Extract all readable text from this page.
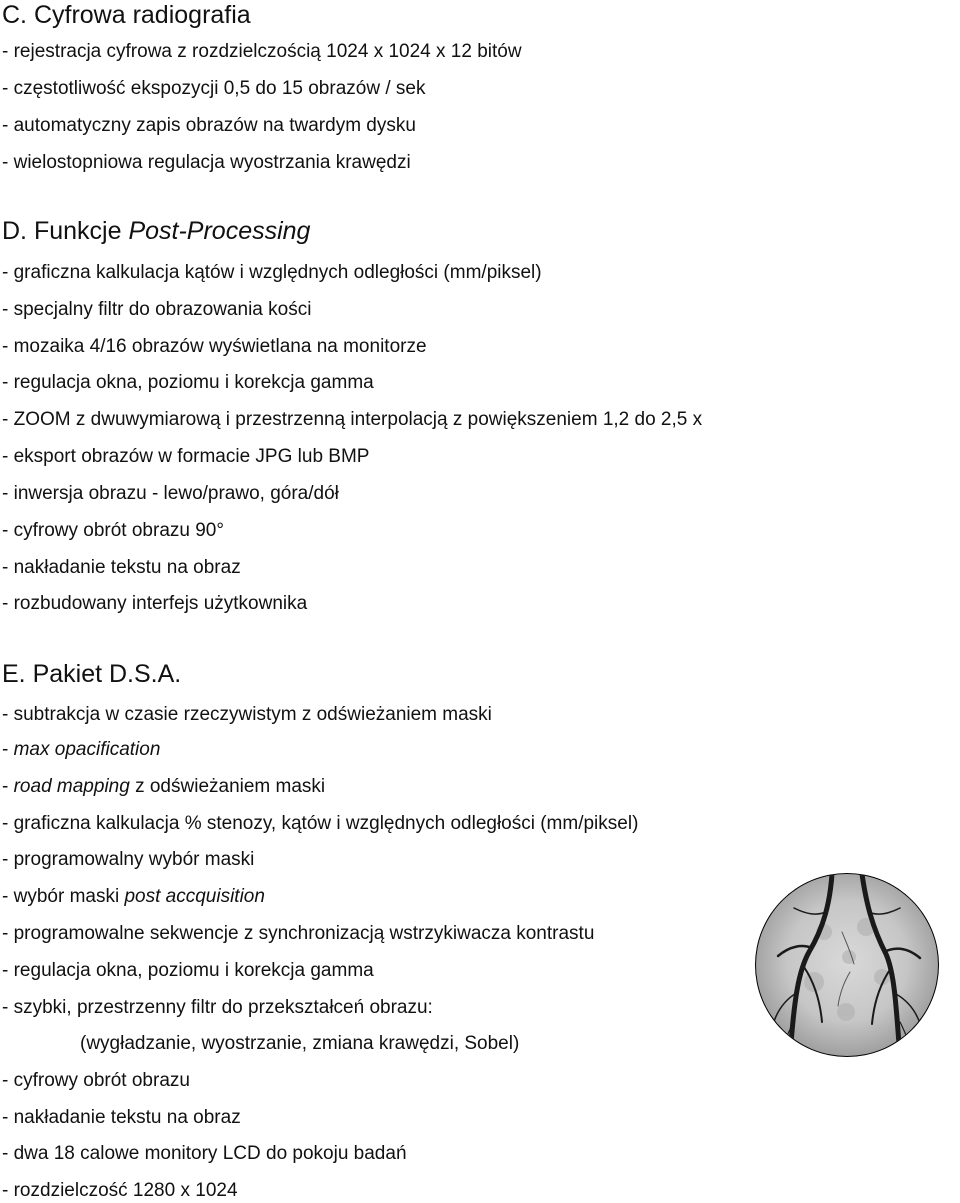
C. Cyfrowa radiografia

- rejestracja cyfrowa z rozdzielczością 1024 x 1024 x 12 bitów

- częstotliwość ekspozycji 0,5 do 15 obrazów / sek

- automatyczny zapis obrazów na twardym dysku

- wielostopniowa regulacja wyostrzania krawędzi

D. Funkcje Post-Processing

- graficzna kalkulacja kątów i względnych odległości (mm/piksel)

- specjalny filtr do obrazowania kości

- mozaika 4/16 obrazów wyświetlana na monitorze

- regulacja okna, poziomu i korekcja gamma

- ZOOM z dwuwymiarową i przestrzenną interpolacją z powiększeniem 1,2 do 2,5 x

- eksport obrazów w formacie JPG lub BMP

- inwersja obrazu - lewo/prawo, góra/dół

- cyfrowy obrót obrazu 90°

- nakładanie tekstu na obraz

- rozbudowany interfejs użytkownika

E. Pakiet D.S.A.

- subtrakcja w czasie rzeczywistym z odświeżaniem maski

- max opacification

- road mapping z odświeżaniem maski

- graficzna kalkulacja % stenozy, kątów i względnych odległości (mm/piksel)

- programowalny wybór maski

- wybór maski post accquisition

- programowalne sekwencje z synchronizacją wstrzykiwacza kontrastu

- regulacja okna, poziomu i korekcja gamma

- szybki, przestrzenny filtr do przekształceń obrazu:

(wygładzanie, wyostrzanie, zmiana krawędzi, Sobel)

- cyfrowy obrót obrazu

- nakładanie tekstu na obraz

- dwa 18 calowe monitory LCD do pokoju badań

- rozdzielczość 1280 x 1024
